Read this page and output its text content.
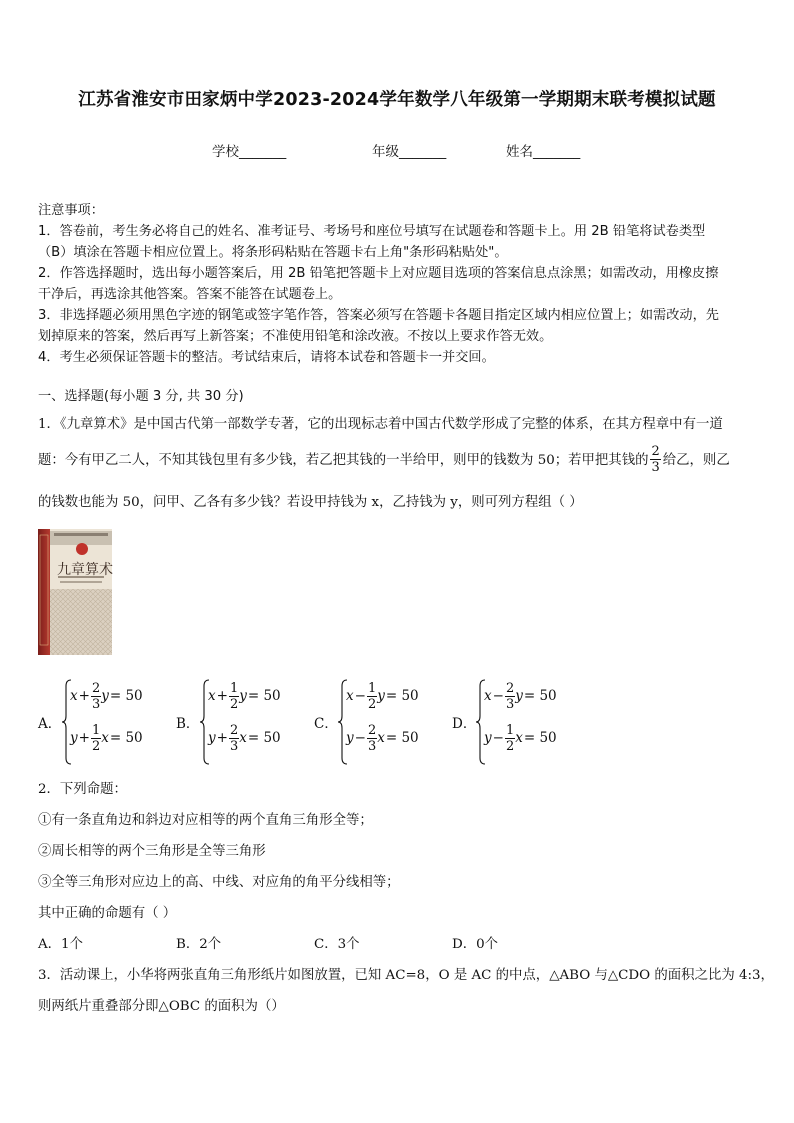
江苏省淮安市田家炳中学2023-2024学年数学八年级第一学期期末联考模拟试题
学校_______	年级_______	姓名_______
注意事项：
1．答卷前，考生务必将自己的姓名、准考证号、考场号和座位号填写在试题卷和答题卡上。用 2B 铅笔将试卷类型
（B）填涂在答题卡相应位置上。将条形码粘贴在答题卡右上角"条形码粘贴处"。
2．作答选择题时，选出每小题答案后，用 2B 铅笔把答题卡上对应题目选项的答案信息点涂黑；如需改动，用橡皮擦
干净后，再选涂其他答案。答案不能答在试题卷上。
3．非选择题必须用黑色字迹的钢笔或签字笔作答，答案必须写在答题卡各题目指定区域内相应位置上；如需改动，先
划掉原来的答案，然后再写上新答案；不准使用铅笔和涂改液。不按以上要求作答无效。
4．考生必须保证答题卡的整洁。考试结束后，请将本试卷和答题卡一并交回。
一、选择题(每小题 3 分, 共 30 分)
1．《九章算术》是中国古代第一部数学专著，它的出现标志着中国古代数学形成了完整的体系，在其方程章中有一道
题：今有甲乙二人，不知其钱包里有多少钱，若乙把其钱的一半给甲，则甲的钱数为 50；若甲把其钱的 $\frac{2}{3}$ 给乙，则乙
的钱数也能为 50，问甲、乙各有多少钱？若设甲持钱为 x，乙持钱为 y，则可列方程组（ ）
九章算术
A．
$x+ \frac{2}{3} y= 50$
$y+ \frac{1}{2} x= 50$
B．
$x+ \frac{1}{2} y= 50$
$y+ \frac{2}{3} x= 50$
C．
$x- \frac{1}{2} y= 50$
$y- \frac{2}{3} x= 50$
D．
$x- \frac{2}{3} y= 50$
$y- \frac{1}{2} x= 50$
2．下列命题：
①有一条直角边和斜边对应相等的两个直角三角形全等；
②周长相等的两个三角形是全等三角形
③全等三角形对应边上的高、中线、对应角的角平分线相等；
其中正确的命题有（ ）
A．1个	B．2个	C．3个	D．0个
3．活动课上，小华将两张直角三角形纸片如图放置，已知 AC=8，O 是 AC 的中点，△ABO 与△CDO 的面积之比为 4:3，
则两纸片重叠部分即△OBC 的面积为（）
